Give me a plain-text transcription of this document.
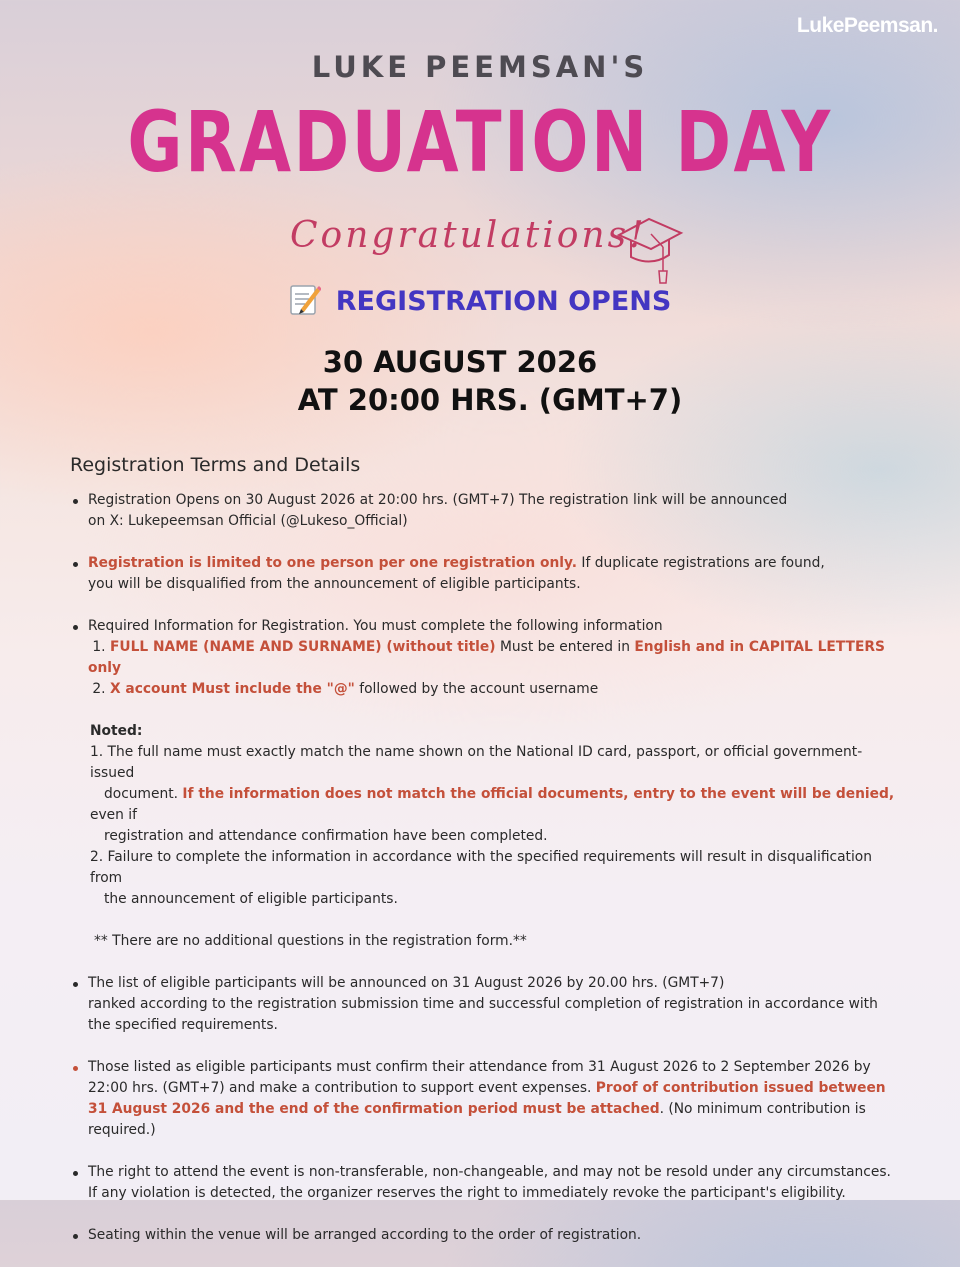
LukePeemsan.
LUKE PEEMSAN'S
GRADUATION DAY
Congratulations!
REGISTRATION OPENS
30 AUGUST 2026
AT 20:00 HRS. (GMT+7)
Registration Terms and Details
Registration Opens on 30 August 2026 at 20:00 hrs. (GMT+7) The registration link will be announced
on X: Lukepeemsan Official (@Lukeso_Official)
Registration is limited to one person per one registration only. If duplicate registrations are found,
you will be disqualified from the announcement of eligible participants.
Required Information for Registration. You must complete the following information
1. FULL NAME (NAME AND SURNAME) (without title) Must be entered in English and in CAPITAL LETTERS only
2. X account Must include the "@" followed by the account username
Noted:
1. The full name must exactly match the name shown on the National ID card, passport, or official government-issued
document. If the information does not match the official documents, entry to the event will be denied, even if
registration and attendance confirmation have been completed.
2. Failure to complete the information in accordance with the specified requirements will result in disqualification from
the announcement of eligible participants.
** There are no additional questions in the registration form.**
The list of eligible participants will be announced on 31 August 2026 by 20.00 hrs. (GMT+7)
ranked according to the registration submission time and successful completion of registration in accordance with
the specified requirements.
Those listed as eligible participants must confirm their attendance from 31 August 2026 to 2 September 2026 by
22:00 hrs. (GMT+7) and make a contribution to support event expenses. Proof of contribution issued between
31 August 2026 and the end of the confirmation period must be attached. (No minimum contribution is required.)
The right to attend the event is non-transferable, non-changeable, and may not be resold under any circumstances.
If any violation is detected, the organizer reserves the right to immediately revoke the participant's eligibility.
Seating within the venue will be arranged according to the order of registration.
